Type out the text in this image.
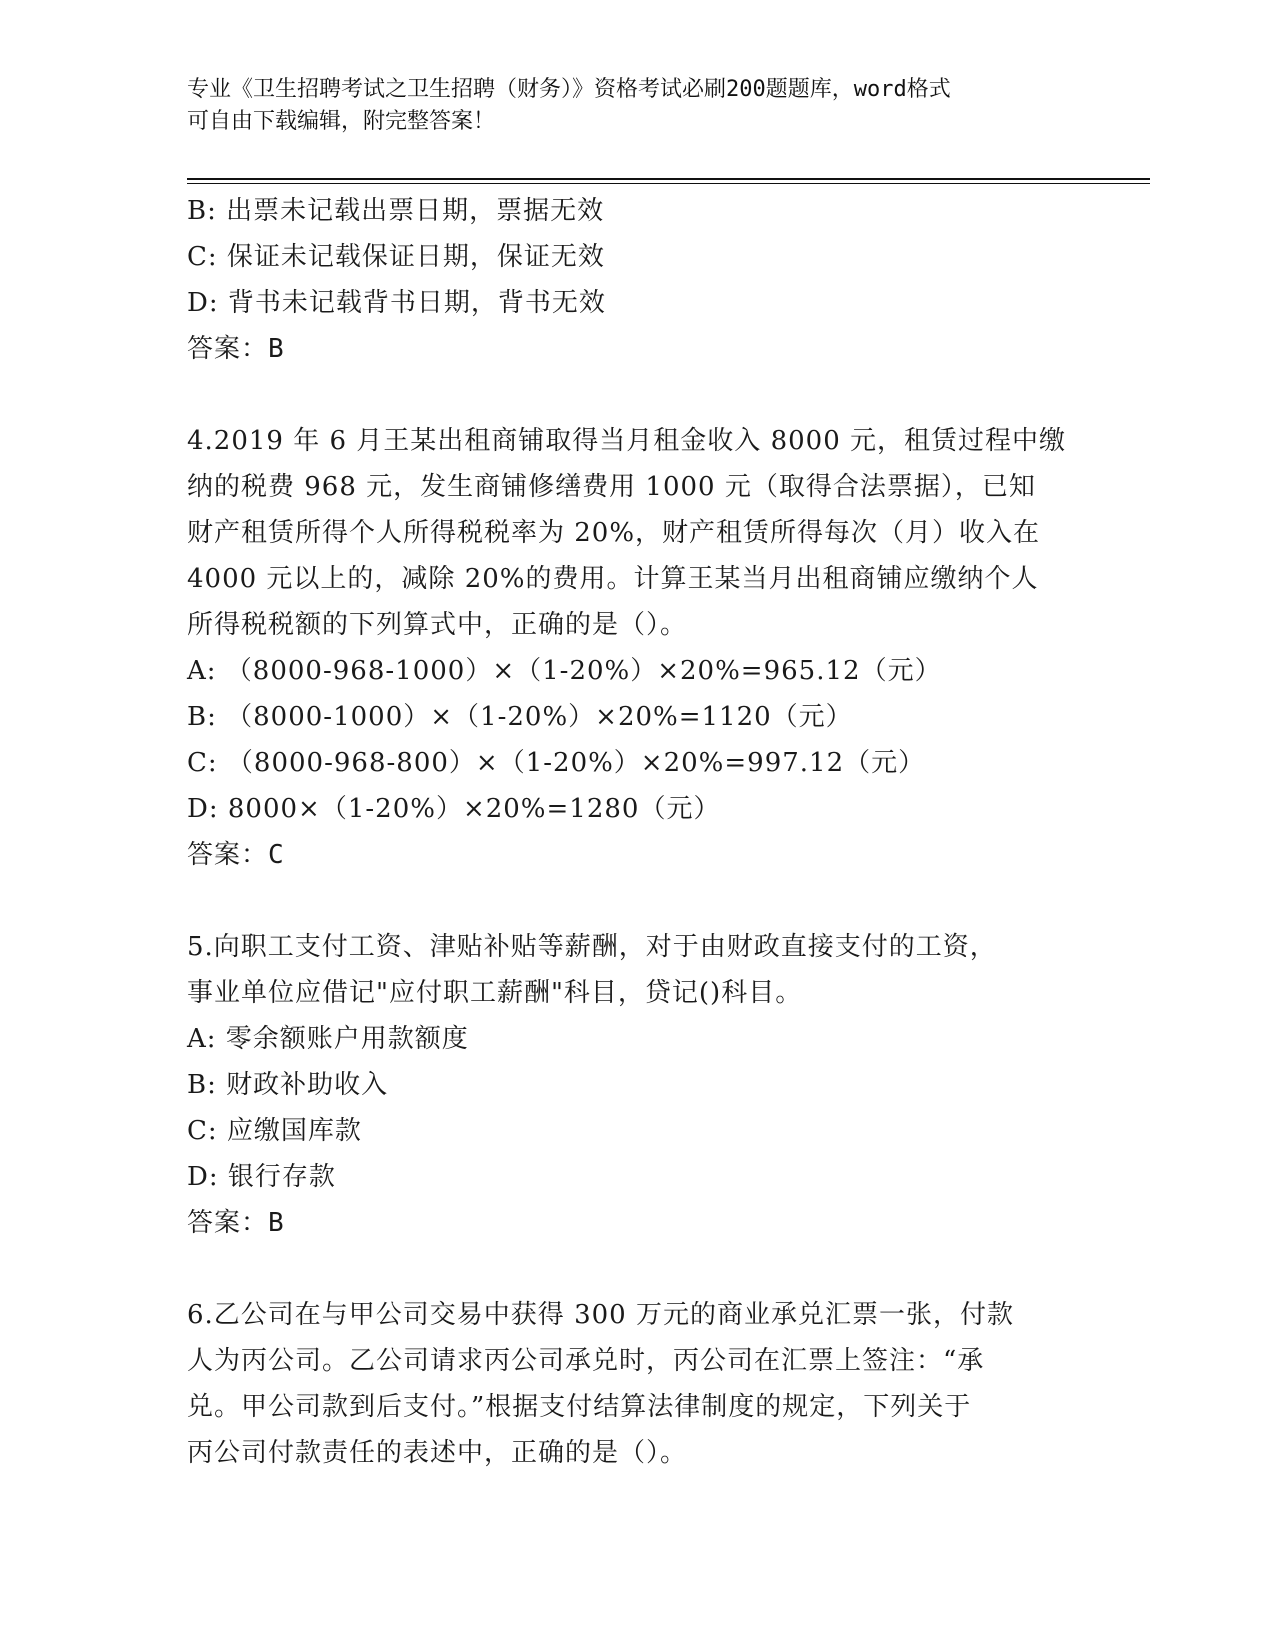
专业《卫生招聘考试之卫生招聘（财务）》资格考试必刷200题题库，word格式
可自由下载编辑，附完整答案！
B: 出票未记载出票日期，票据无效
C: 保证未记载保证日期，保证无效
D: 背书未记载背书日期，背书无效
答案：B
4.2019 年 6 月王某出租商铺取得当月租金收入 8000 元，租赁过程中缴
纳的税费 968 元，发生商铺修缮费用 1000 元（取得合法票据），已知
财产租赁所得个人所得税税率为 20%，财产租赁所得每次（月）收入在
4000 元以上的，减除 20%的费用。计算王某当月出租商铺应缴纳个人
所得税税额的下列算式中，正确的是（）。
A: （8000-968-1000）×（1-20%）×20%=965.12（元）
B: （8000-1000）×（1-20%）×20%=1120（元）
C: （8000-968-800）×（1-20%）×20%=997.12（元）
D: 8000×（1-20%）×20%=1280（元）
答案：C
5.向职工支付工资、津贴补贴等薪酬，对于由财政直接支付的工资，
事业单位应借记"应付职工薪酬"科目，贷记()科目。
A: 零余额账户用款额度
B: 财政补助收入
C: 应缴国库款
D: 银行存款
答案：B
6.乙公司在与甲公司交易中获得 300 万元的商业承兑汇票一张，付款
人为丙公司。乙公司请求丙公司承兑时，丙公司在汇票上签注：“承
兑。甲公司款到后支付。”根据支付结算法律制度的规定，下列关于
丙公司付款责任的表述中，正确的是（）。
